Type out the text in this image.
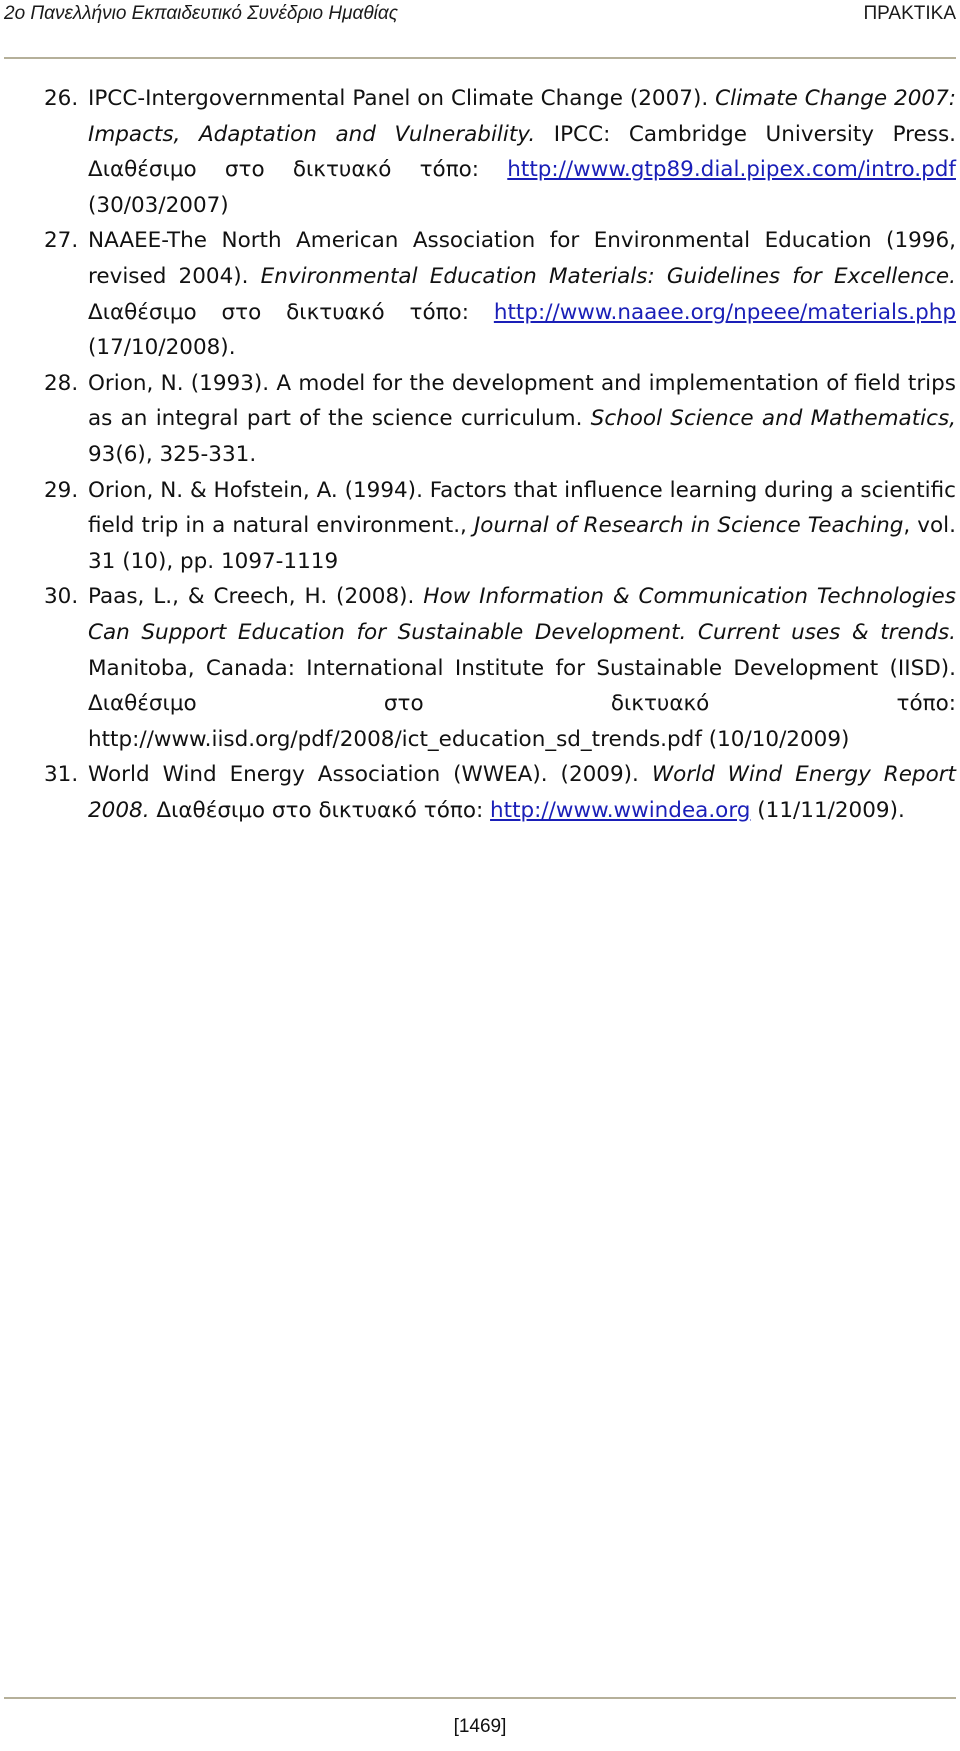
2ο Πανελλήνιο Εκπαιδευτικό Συνέδριο Ημαθίας	ΠΡΑΚΤΙΚΑ
26. IPCC-Intergovernmental Panel on Climate Change (2007). Climate Change 2007: Impacts, Adaptation and Vulnerability. IPCC: Cambridge University Press. Διαθέσιμο στο δικτυακό τόπο: http://www.gtp89.dial.pipex.com/intro.pdf (30/03/2007)
27. NAAEE-The North American Association for Environmental Education (1996, revised 2004). Environmental Education Materials: Guidelines for Excellence. Διαθέσιμο στο δικτυακό τόπο: http://www.naaee.org/npeee/materials.php (17/10/2008).
28. Orion, N. (1993). A model for the development and implementation of field trips as an integral part of the science curriculum. School Science and Mathematics, 93(6), 325-331.
29. Orion, N. & Hofstein, A. (1994). Factors that influence learning during a scientific field trip in a natural environment., Journal of Research in Science Teaching, vol. 31 (10), pp. 1097-1119
30. Paas, L., & Creech, H. (2008). How Information & Communication Technologies Can Support Education for Sustainable Development. Current uses & trends. Manitoba, Canada: International Institute for Sustainable Development (IISD). Διαθέσιμο στο δικτυακό τόπο: http://www.iisd.org/pdf/2008/ict_education_sd_trends.pdf (10/10/2009)
31. World Wind Energy Association (WWEA). (2009). World Wind Energy Report 2008. Διαθέσιμο στο δικτυακό τόπο: http://www.wwindea.org (11/11/2009).
[1469]
